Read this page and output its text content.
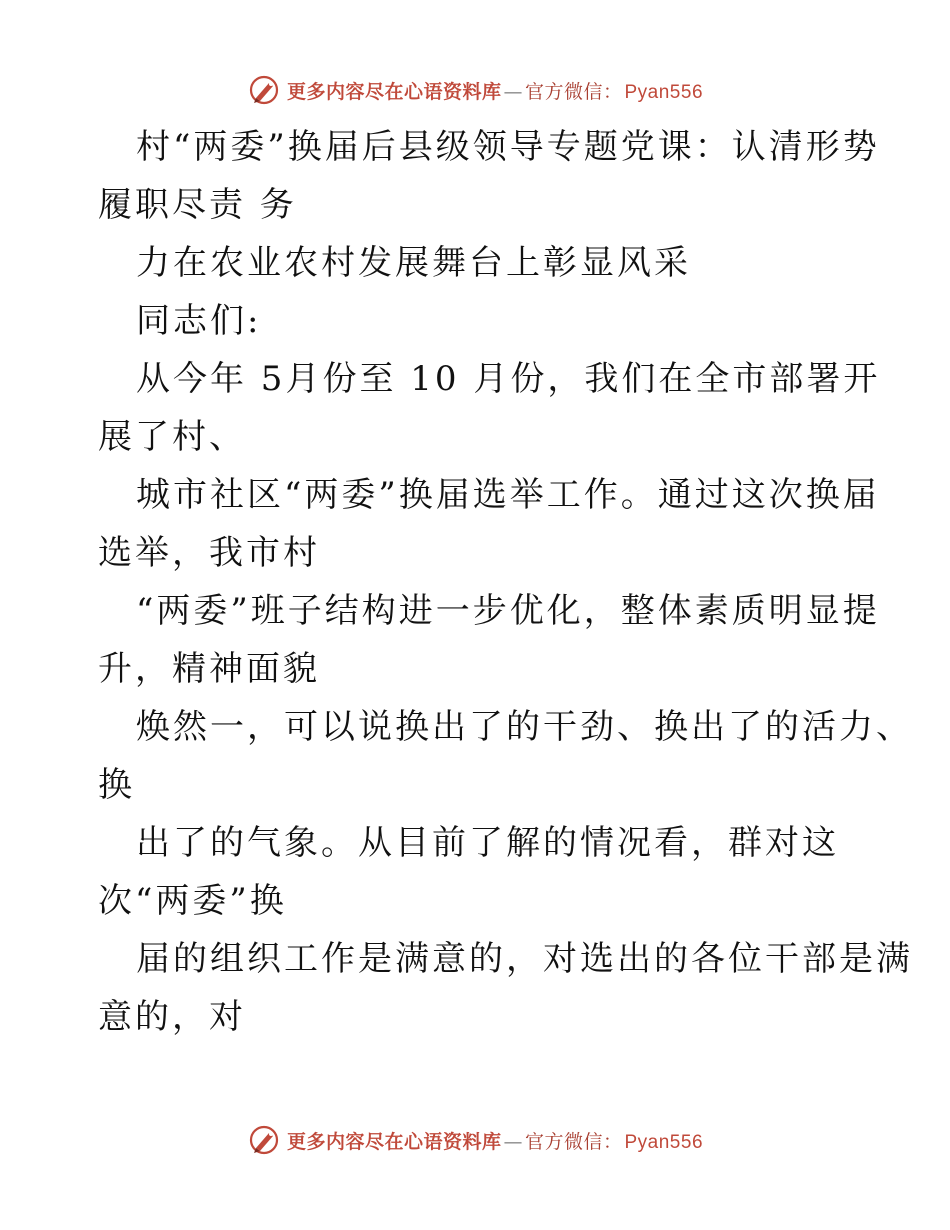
更多内容尽在心语资料库 — 官方微信： Pyan556
村“两委”换届后县级领导专题党课：认清形势
履职尽责 务
力在农业农村发展舞台上彰显风采
同志们:
从今年 5月份至 10 月份，我们在全市部署开
展了村、
城市社区“两委”换届选举工作。通过这次换届
选举，我市村
“两委”班子结构进一步优化，整体素质明显提
升，精神面貌
焕然一，可以说换出了的干劲、换出了的活力、
换
出了的气象。从目前了解的情况看，群对这
次“两委”换
届的组织工作是满意的，对选出的各位干部是满
意的，对
更多内容尽在心语资料库 — 官方微信： Pyan556
